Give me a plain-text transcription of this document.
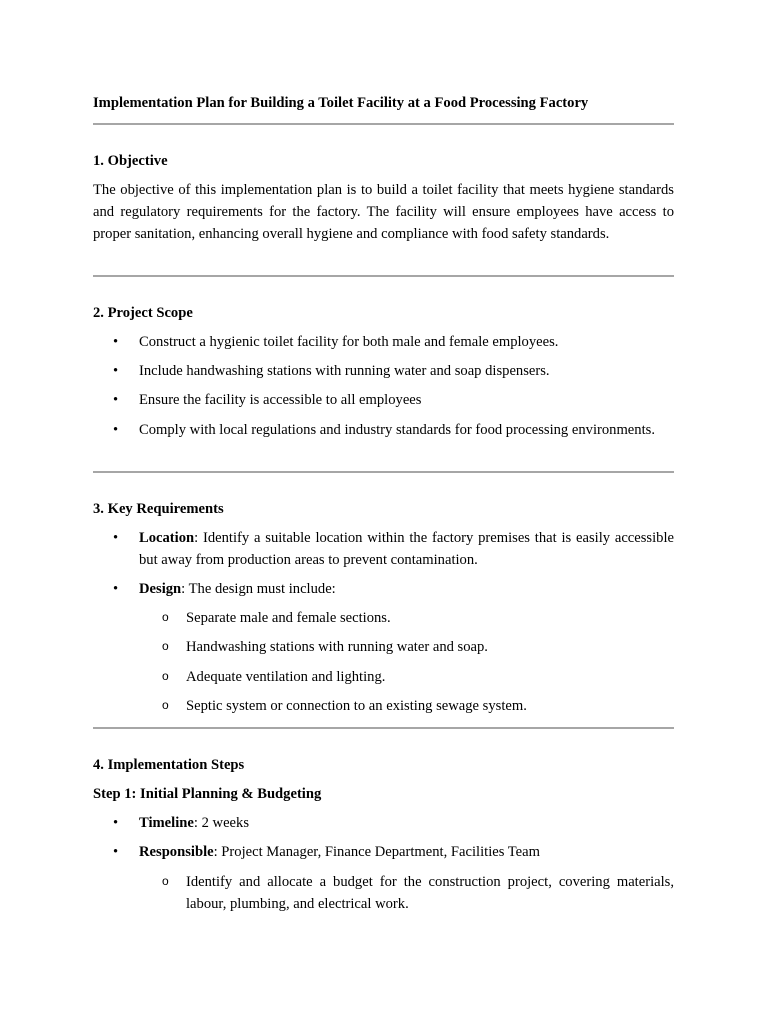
Implementation Plan for Building a Toilet Facility at a Food Processing Factory
1. Objective
The objective of this implementation plan is to build a toilet facility that meets hygiene standards and regulatory requirements for the factory. The facility will ensure employees have access to proper sanitation, enhancing overall hygiene and compliance with food safety standards.
2. Project Scope
•	Construct a hygienic toilet facility for both male and female employees.
•	Include handwashing stations with running water and soap dispensers.
•	Ensure the facility is accessible to all employees
•	Comply with local regulations and industry standards for food processing environments.
3. Key Requirements
•	Location: Identify a suitable location within the factory premises that is easily accessible but away from production areas to prevent contamination.
•	Design: The design must include:
o Separate male and female sections.
o Handwashing stations with running water and soap.
o Adequate ventilation and lighting.
o Septic system or connection to an existing sewage system.
4. Implementation Steps
Step 1: Initial Planning & Budgeting
•	Timeline: 2 weeks
•	Responsible: Project Manager, Finance Department, Facilities Team
o Identify and allocate a budget for the construction project, covering materials, labour, plumbing, and electrical work.
